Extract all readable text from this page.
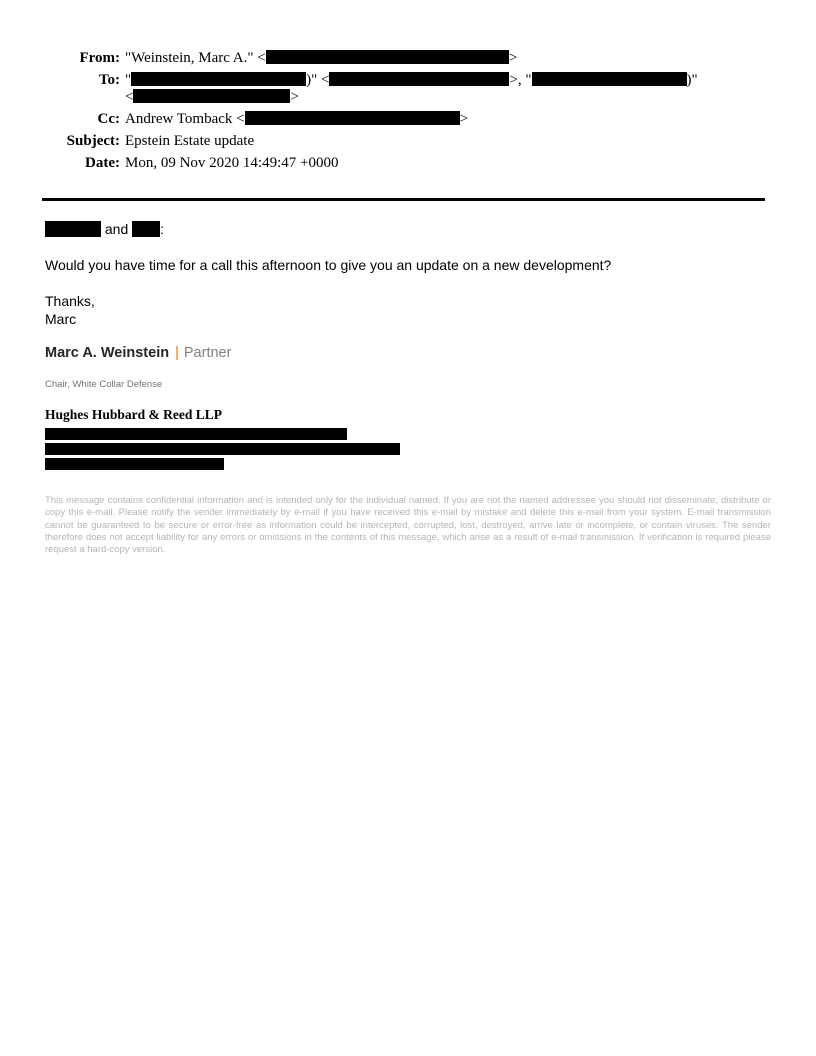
From: "Weinstein, Marc A." <	>
To: "	)" <	>, "	)"
<	>
Cc: Andrew Tomback <	>
Subject: Epstein Estate update
Date: Mon, 09 Nov 2020 14:49:47 +0000
and :
Would you have time for a call this afternoon to give you an update on a new development?
Thanks,
Marc
Marc A. Weinstein | Partner
Chair, White Collar Defense
Hughes Hubbard & Reed LLP
This message contains confidential information and is intended only for the individual named. If you are not the named addressee you should not disseminate, distribute or copy this e-mail. Please notify the sender immediately by e-mail if you have received this e-mail by mistake and delete this e-mail from your system. E-mail transmission cannot be guaranteed to be secure or error-free as information could be intercepted, corrupted, lost, destroyed, arrive late or incomplete, or contain viruses. The sender therefore does not accept liability for any errors or omissions in the contents of this message, which arise as a result of e-mail transmission. If verification is required please request a hard-copy version.
